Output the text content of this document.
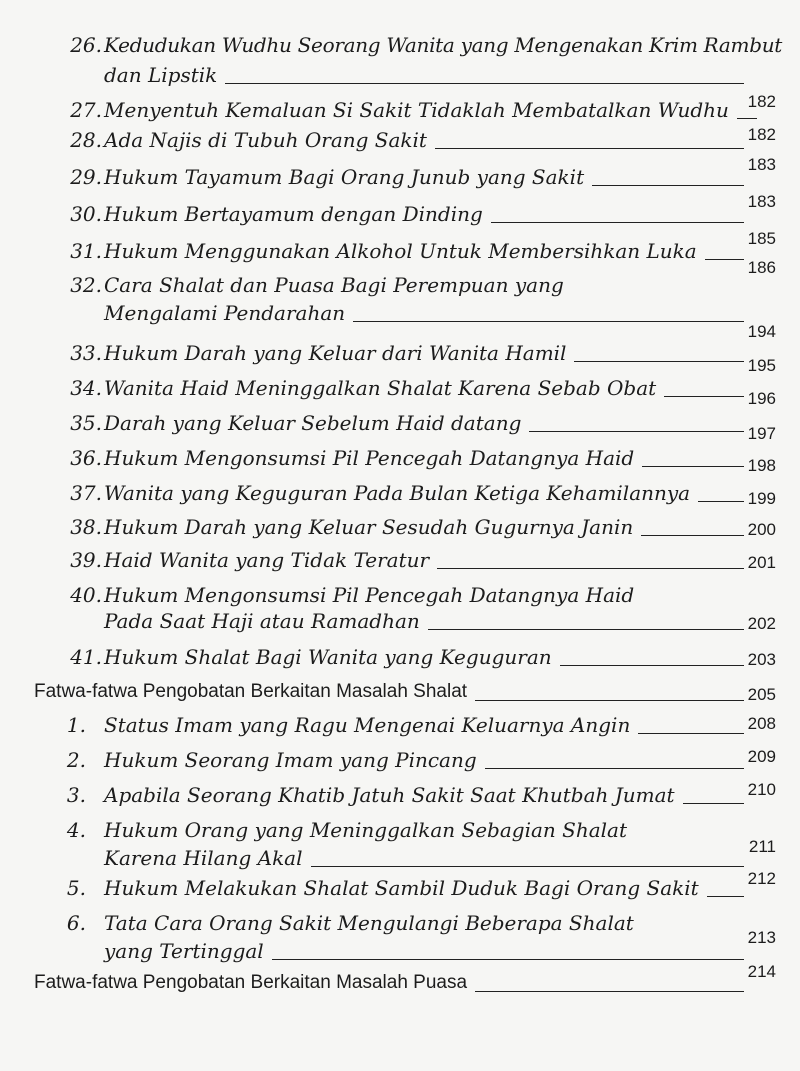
26. Kedudukan Wudhu Seorang Wanita yang Mengenakan Krim Rambut
dan Lipstik
182
27. Menyentuh Kemaluan Si Sakit Tidaklah Membatalkan Wudhu
182
28. Ada Najis di Tubuh Orang Sakit
183
29. Hukum Tayamum Bagi Orang Junub yang Sakit
183
30. Hukum Bertayamum dengan Dinding
185
31. Hukum Menggunakan Alkohol Untuk Membersihkan Luka
186
32. Cara Shalat dan Puasa Bagi Perempuan yang
Mengalami Pendarahan
194
33. Hukum Darah yang Keluar dari Wanita Hamil
195
34. Wanita Haid Meninggalkan Shalat Karena Sebab Obat	196
35. Darah yang Keluar Sebelum Haid datang	197
36. Hukum Mengonsumsi Pil Pencegah Datangnya Haid	198
37. Wanita yang Keguguran Pada Bulan Ketiga Kehamilannya	199
38. Hukum Darah yang Keluar Sesudah Gugurnya Janin	200
39. Haid Wanita yang Tidak Teratur	201
40. Hukum Mengonsumsi Pil Pencegah Datangnya Haid
Pada Saat Haji atau Ramadhan	202
41. Hukum Shalat Bagi Wanita yang Keguguran	203
Fatwa-fatwa Pengobatan Berkaitan Masalah Shalat	205
1. Status Imam yang Ragu Mengenai Keluarnya Angin	208
2. Hukum Seorang Imam yang Pincang	209
3. Apabila Seorang Khatib Jatuh Sakit Saat Khutbah Jumat	210
4. Hukum Orang yang Meninggalkan Sebagian Shalat
Karena Hilang Akal	211
5. Hukum Melakukan Shalat Sambil Duduk Bagi Orang Sakit	212
6. Tata Cara Orang Sakit Mengulangi Beberapa Shalat
yang Tertinggal
213
Fatwa-fatwa Pengobatan Berkaitan Masalah Puasa
214
